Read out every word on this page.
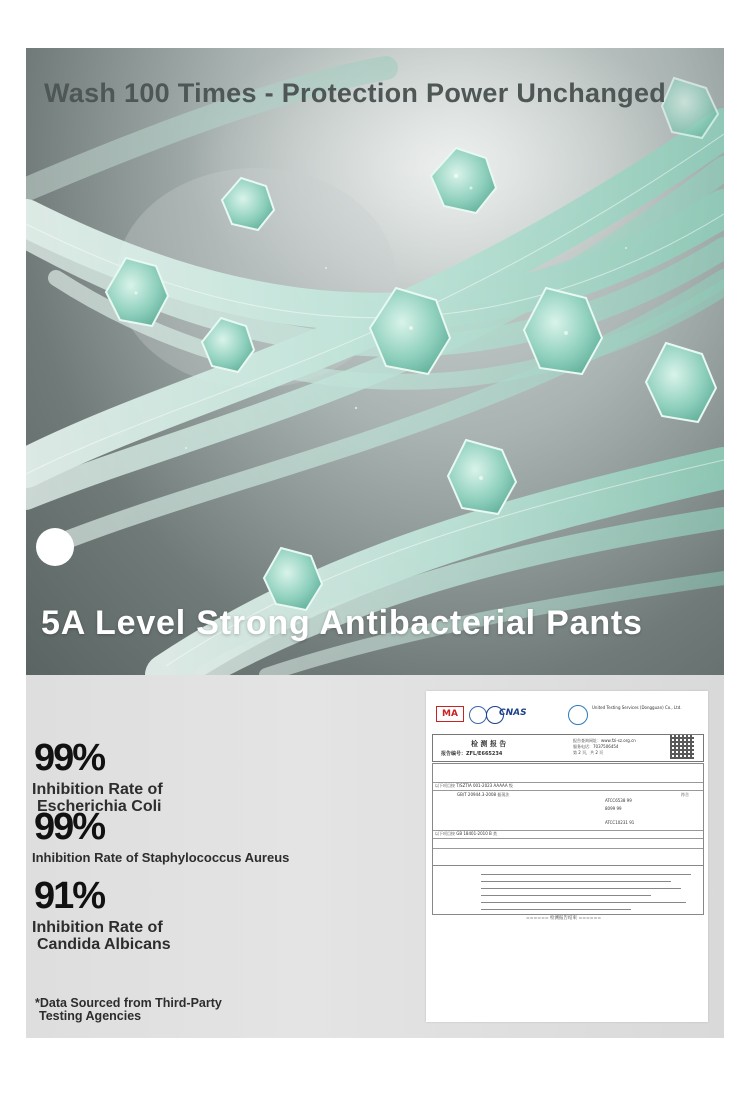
Wash 100 Times - Protection Power Unchanged
5A Level Strong Antibacterial Pants
99%
Inhibition Rate of
Escherichia Coli
99%
Inhibition Rate of Staphylococcus Aureus
91%
Inhibition Rate of
Candida Albicans
*Data Sourced from Third-Party
Testing Agencies
MA	CNAS
United Testing Services (Dongguan) Co., Ltd.
检 测 报 告
报告编号：ZFL/E665234
报告查询网址：www.fzi-sz.org.cn
服务电话：7037506454
第 2 页，共 2 页
以下项目按 T/SZTIA 001-2023 AAAAA 级
GB/T 20944.3-2008 振荡法
ATCC6538 99
8099 99
ATCC10231 91
符合
以下项目按 GB 18401-2010 B 类
====== 检测报告结束 ======
